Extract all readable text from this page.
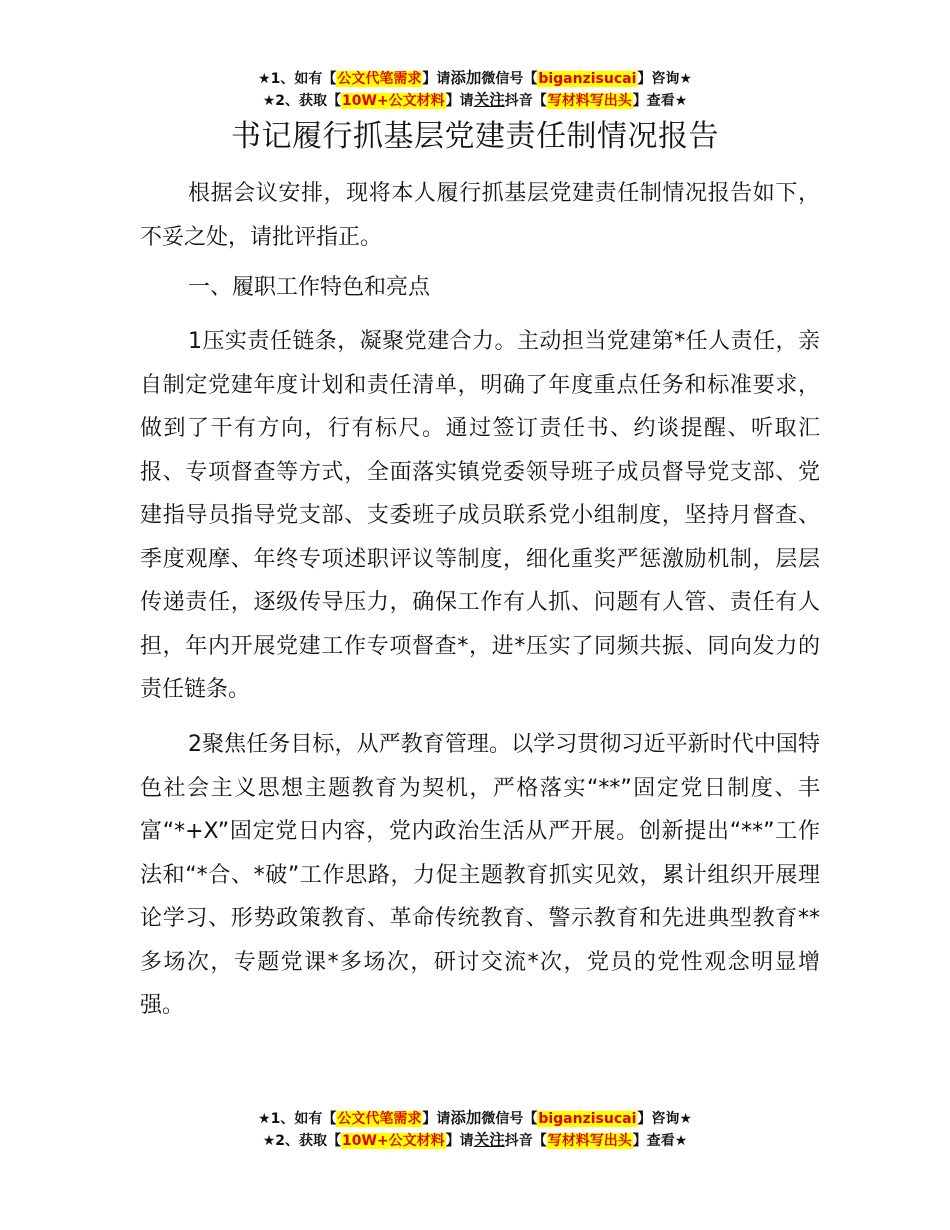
★1、如有【公文代笔需求】请添加微信号【biganzisucai】咨询★
★2、获取【10W+公文材料】请关注抖音【写材料写出头】查看★
书记履行抓基层党建责任制情况报告

根据会议安排，现将本人履行抓基层党建责任制情况报告如下，不妥之处，请批评指正。

一、履职工作特色和亮点

1压实责任链条，凝聚党建合力。主动担当党建第*任人责任，亲自制定党建年度计划和责任清单，明确了年度重点任务和标准要求，做到了干有方向，行有标尺。通过签订责任书、约谈提醒、听取汇报、专项督查等方式，全面落实镇党委领导班子成员督导党支部、党建指导员指导党支部、支委班子成员联系党小组制度，坚持月督查、季度观摩、年终专项述职评议等制度，细化重奖严惩激励机制，层层传递责任，逐级传导压力，确保工作有人抓、问题有人管、责任有人担，年内开展党建工作专项督查*，进*压实了同频共振、同向发力的责任链条。

2聚焦任务目标，从严教育管理。以学习贯彻习近平新时代中国特色社会主义思想主题教育为契机，严格落实“**”固定党日制度、丰富“*+X”固定党日内容，党内政治生活从严开展。创新提出“**”工作法和“*合、*破”工作思路，力促主题教育抓实见效，累计组织开展理论学习、形势政策教育、革命传统教育、警示教育和先进典型教育**多场次，专题党课*多场次，研讨交流*次，党员的党性观念明显增强。

★1、如有【公文代笔需求】请添加微信号【biganzisucai】咨询★
★2、获取【10W+公文材料】请关注抖音【写材料写出头】查看★
